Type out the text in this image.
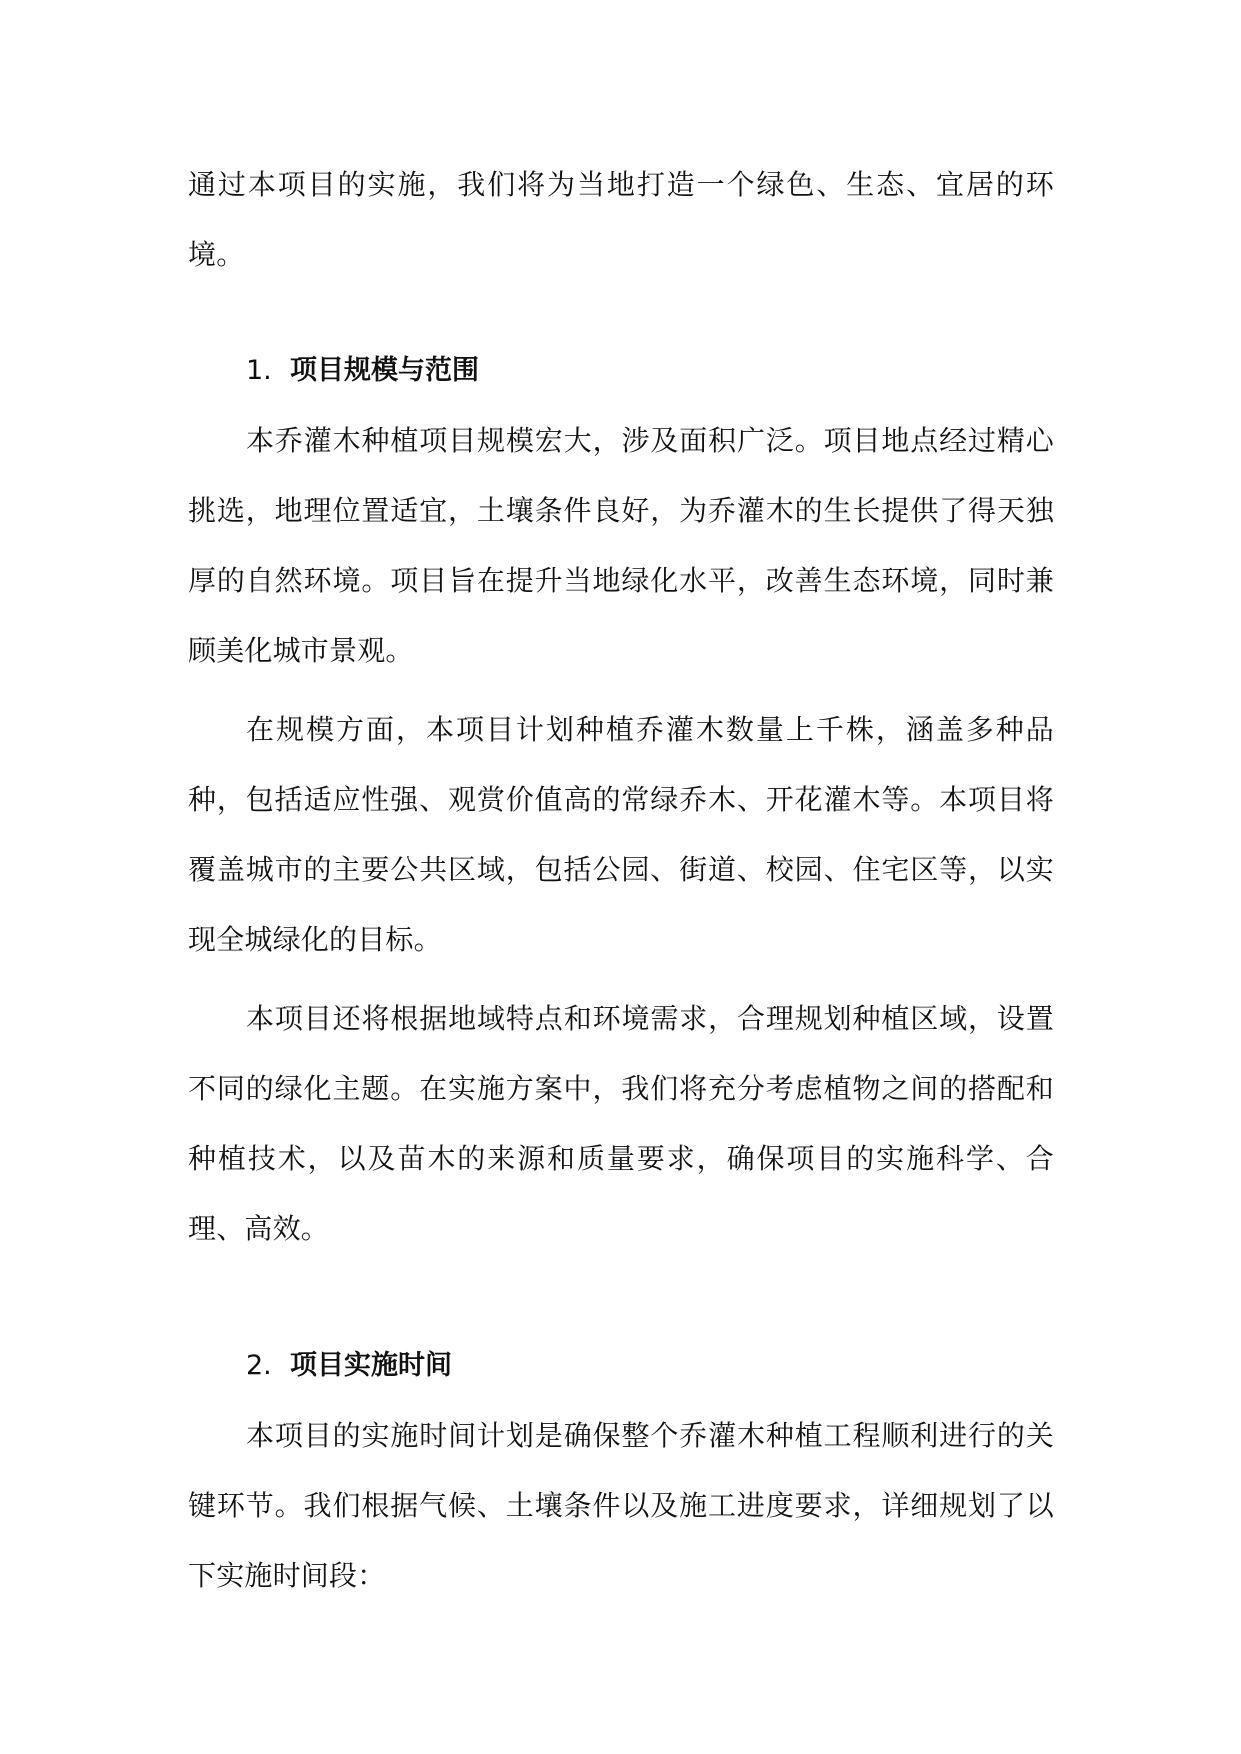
通过本项目的实施，我们将为当地打造一个绿色、生态、宜居的环境。

1. 项目规模与范围

本乔灌木种植项目规模宏大，涉及面积广泛。项目地点经过精心挑选，地理位置适宜，土壤条件良好，为乔灌木的生长提供了得天独厚的自然环境。项目旨在提升当地绿化水平，改善生态环境，同时兼顾美化城市景观。

在规模方面，本项目计划种植乔灌木数量上千株，涵盖多种品种，包括适应性强、观赏价值高的常绿乔木、开花灌木等。本项目将覆盖城市的主要公共区域，包括公园、街道、校园、住宅区等，以实现全城绿化的目标。

本项目还将根据地域特点和环境需求，合理规划种植区域，设置不同的绿化主题。在实施方案中，我们将充分考虑植物之间的搭配和种植技术，以及苗木的来源和质量要求，确保项目的实施科学、合理、高效。

2. 项目实施时间

本项目的实施时间计划是确保整个乔灌木种植工程顺利进行的关键环节。我们根据气候、土壤条件以及施工进度要求，详细规划了以下实施时间段：
